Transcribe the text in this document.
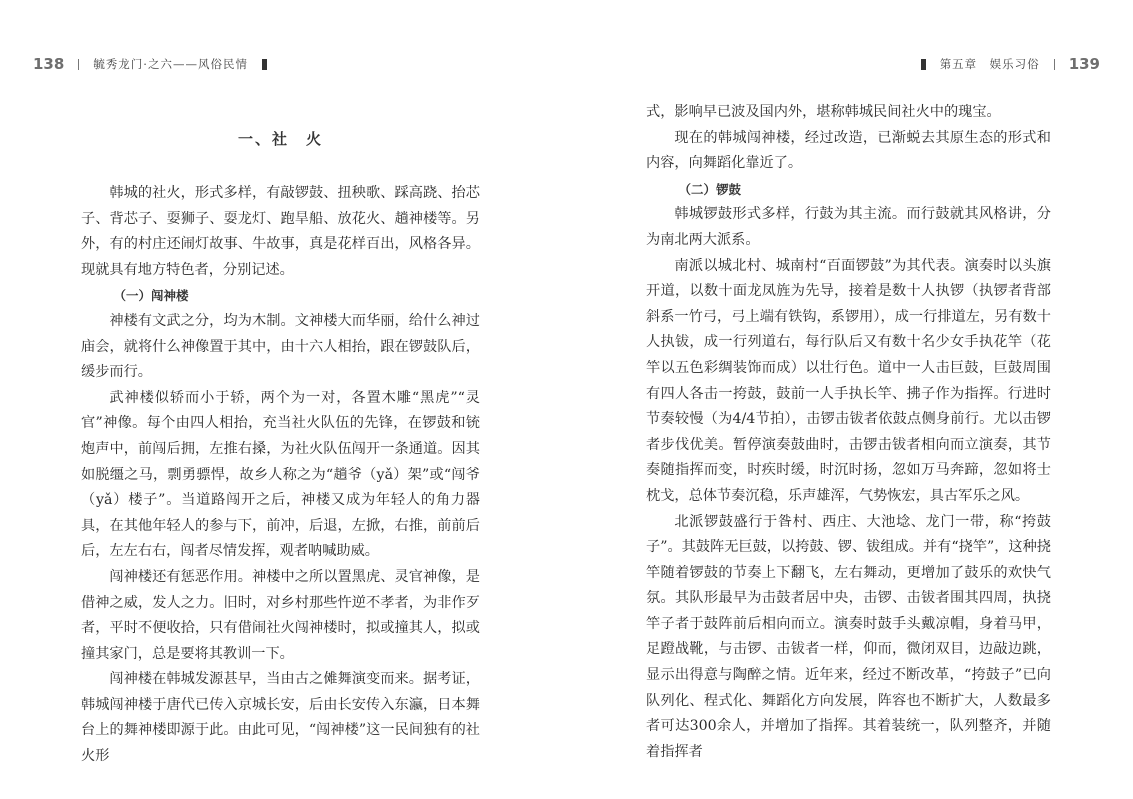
138	毓秀龙门·之六——风俗民情
一、社　火

韩城的社火，形式多样，有敲锣鼓、扭秧歌、踩高跷、抬芯子、背芯子、耍狮子、耍龙灯、跑旱船、放花火、趟神楼等。另外，有的村庄还闹灯故事、牛故事，真是花样百出，风格各异。现就具有地方特色者，分别记述。

（一）闯神楼

神楼有文武之分，均为木制。文神楼大而华丽，给什么神过庙会，就将什么神像置于其中，由十六人相抬，跟在锣鼓队后，缓步而行。

武神楼似轿而小于轿，两个为一对，各置木雕“黑虎”“灵官”神像。每个由四人相抬，充当社火队伍的先锋，在锣鼓和铳炮声中，前闯后拥，左推右搡，为社火队伍闯开一条通道。因其如脱缰之马，剽勇骠悍，故乡人称之为“趟爷（yǎ）架”或“闯爷（yǎ）楼子”。当道路闯开之后，神楼又成为年轻人的角力器具，在其他年轻人的参与下，前冲，后退，左掀，右推，前前后后，左左右右，闯者尽情发挥，观者呐喊助威。

闯神楼还有惩恶作用。神楼中之所以置黑虎、灵官神像，是借神之威，发人之力。旧时，对乡村那些忤逆不孝者，为非作歹者，平时不便收拾，只有借闹社火闯神楼时，拟或撞其人，拟或撞其家门，总是要将其教训一下。

闯神楼在韩城发源甚早，当由古之傩舞演变而来。据考证，韩城闯神楼于唐代已传入京城长安，后由长安传入东瀛，日本舞台上的舞神楼即源于此。由此可见，“闯神楼”这一民间独有的社火形

第五章　娱乐习俗 139

式，影响早已波及国内外，堪称韩城民间社火中的瑰宝。

现在的韩城闯神楼，经过改造，已渐蜕去其原生态的形式和内容，向舞蹈化靠近了。

（二）锣鼓

韩城锣鼓形式多样，行鼓为其主流。而行鼓就其风格讲，分为南北两大派系。

南派以城北村、城南村“百面锣鼓”为其代表。演奏时以头旗开道，以数十面龙凤旌为先导，接着是数十人执锣（执锣者背部斜系一竹弓，弓上端有铁钩，系锣用），成一行排道左，另有数十人执钹，成一行列道右，每行队后又有数十名少女手执花竿（花竿以五色彩绸装饰而成）以壮行色。道中一人击巨鼓，巨鼓周围有四人各击一挎鼓，鼓前一人手执长竿、拂子作为指挥。行进时节奏较慢（为4/4节拍），击锣击钹者依鼓点侧身前行。尤以击锣者步伐优美。暂停演奏鼓曲时，击锣击钹者相向而立演奏，其节奏随指挥而变，时疾时缓，时沉时扬，忽如万马奔蹄，忽如将士枕戈，总体节奏沉稳，乐声雄浑，气势恢宏，具古军乐之风。

北派锣鼓盛行于昝村、西庄、大池埝、龙门一带，称“挎鼓子”。其鼓阵无巨鼓，以挎鼓、锣、钹组成。并有“挠竿”，这种挠竿随着锣鼓的节奏上下翻飞，左右舞动，更增加了鼓乐的欢快气氛。其队形最早为击鼓者居中央，击锣、击钹者围其四周，执挠竿子者于鼓阵前后相向而立。演奏时鼓手头戴凉帽，身着马甲，足蹬战靴，与击锣、击钹者一样，仰而，微闭双目，边敲边跳，显示出得意与陶醉之情。近年来，经过不断改革，“挎鼓子”已向队列化、程式化、舞蹈化方向发展，阵容也不断扩大，人数最多者可达300余人，并增加了指挥。其着装统一，队列整齐，并随着指挥者
